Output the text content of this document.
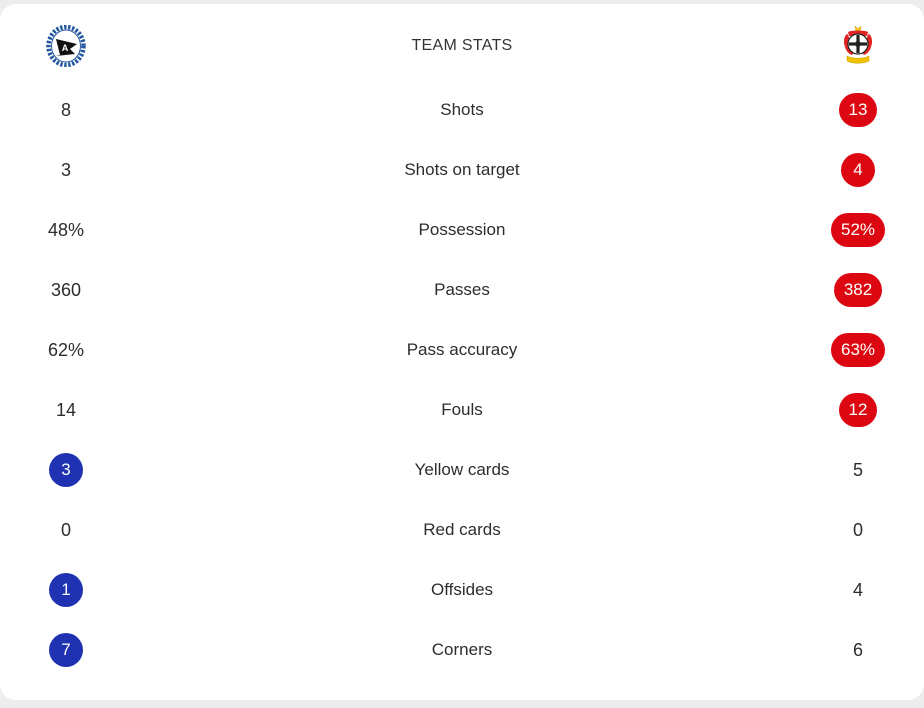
A	TEAM STATS
8	Shots	13
3	Shots on target	4
48%	Possession	52%
360	Passes	382
62%	Pass accuracy	63%
14	Fouls	12
3	Yellow cards	5
0	Red cards	0
1	Offsides	4
7	Corners	6
